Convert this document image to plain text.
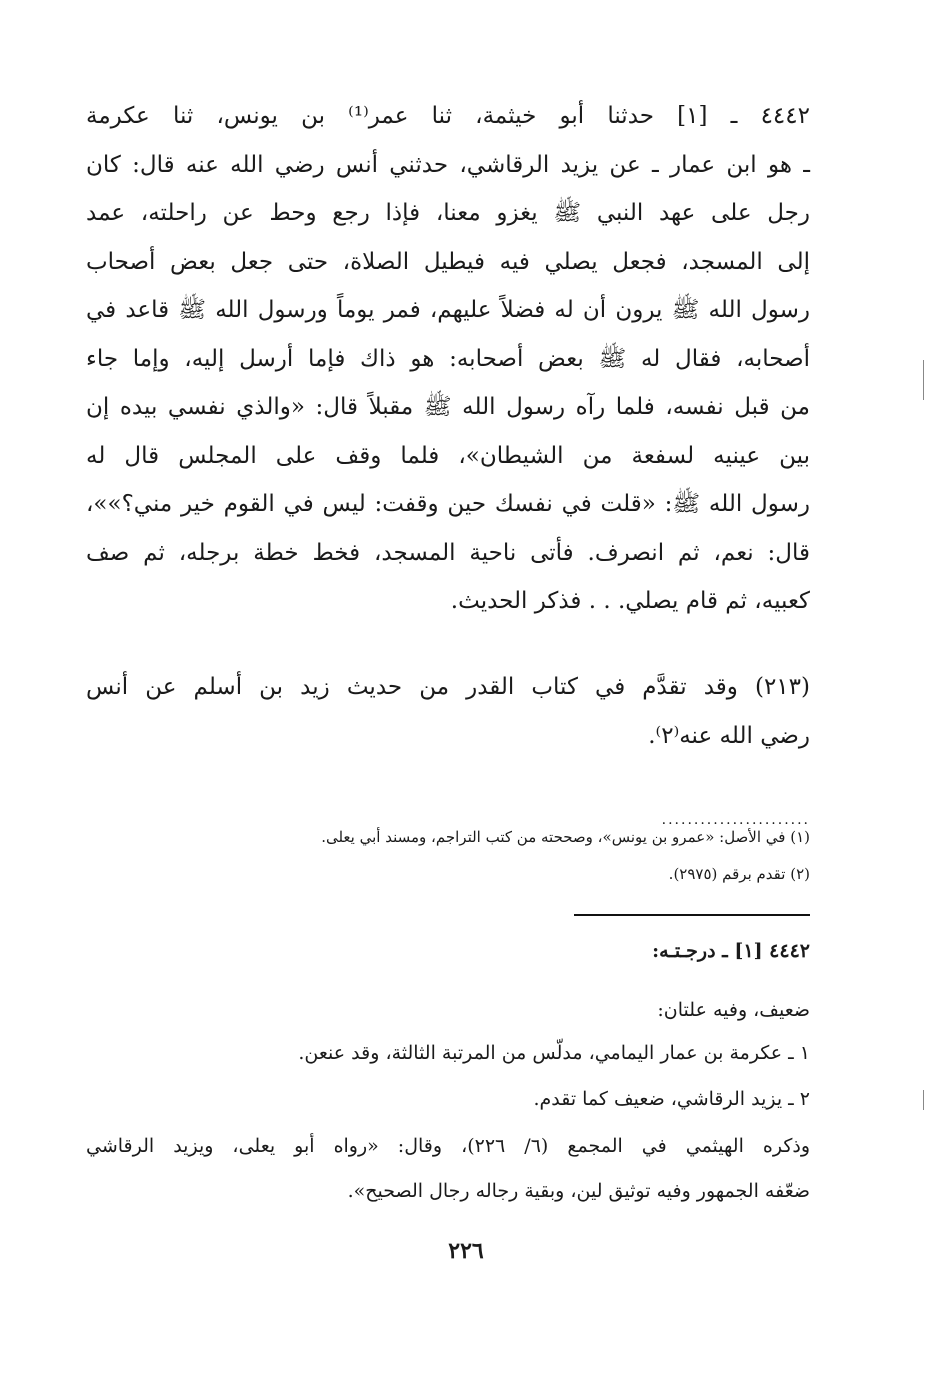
٤٤٤٢ ـ [١] حدثنا أبو خيثمة، ثنا عمر⁽¹⁾ بن يونس، ثنا عكرمة
ـ هو ابن عمار ـ عن يزيد الرقاشي، حدثني أنس رضي الله عنه قال: كان
رجل على عهد النبي ﷺ يغزو معنا، فإذا رجع وحط عن راحلته، عمد
إلى المسجد، فجعل يصلي فيه فيطيل الصلاة، حتى جعل بعض أصحاب
رسول الله ﷺ يرون أن له فضلاً عليهم، فمر يوماً ورسول الله ﷺ قاعد في
أصحابه، فقال له ﷺ بعض أصحابه: هو ذاك فإما أرسل إليه، وإما جاء
من قبل نفسه، فلما رآه رسول الله ﷺ مقبلاً قال: «والذي نفسي بيده إن
بين عينيه لسفعة من الشيطان»، فلما وقف على المجلس قال له
رسول الله ﷺ: «قلت في نفسك حين وقفت: ليس في القوم خير مني؟»»،
قال: نعم، ثم انصرف. فأتى ناحية المسجد، فخط خطة برجله، ثم صف
كعبيه، ثم قام يصلي. . . فذكر الحديث.
(٢١٣) وقد تقدَّم في كتاب القدر من حديث زيد بن أسلم عن أنس
رضي الله عنه⁽٢⁾.
.......................
(١) في الأصل: «عمرو بن يونس»، وصححته من كتب التراجم، ومسند أبي يعلى.
(٢) تقدم برقم (٢٩٧٥).
٤٤٤٢ [١] ـ درجـتـه:
ضعيف، وفيه علتان:
١ ـ عكرمة بن عمار اليمامي، مدلّس من المرتبة الثالثة، وقد عنعن.
٢ ـ يزيد الرقاشي، ضعيف كما تقدم.
وذكره الهيثمي في المجمع (٦/ ٢٢٦)، وقال: «رواه أبو يعلى، ويزيد الرقاشي
ضعّفه الجمهور وفيه توثيق لين، وبقية رجاله رجال الصحيح».
٢٢٦
